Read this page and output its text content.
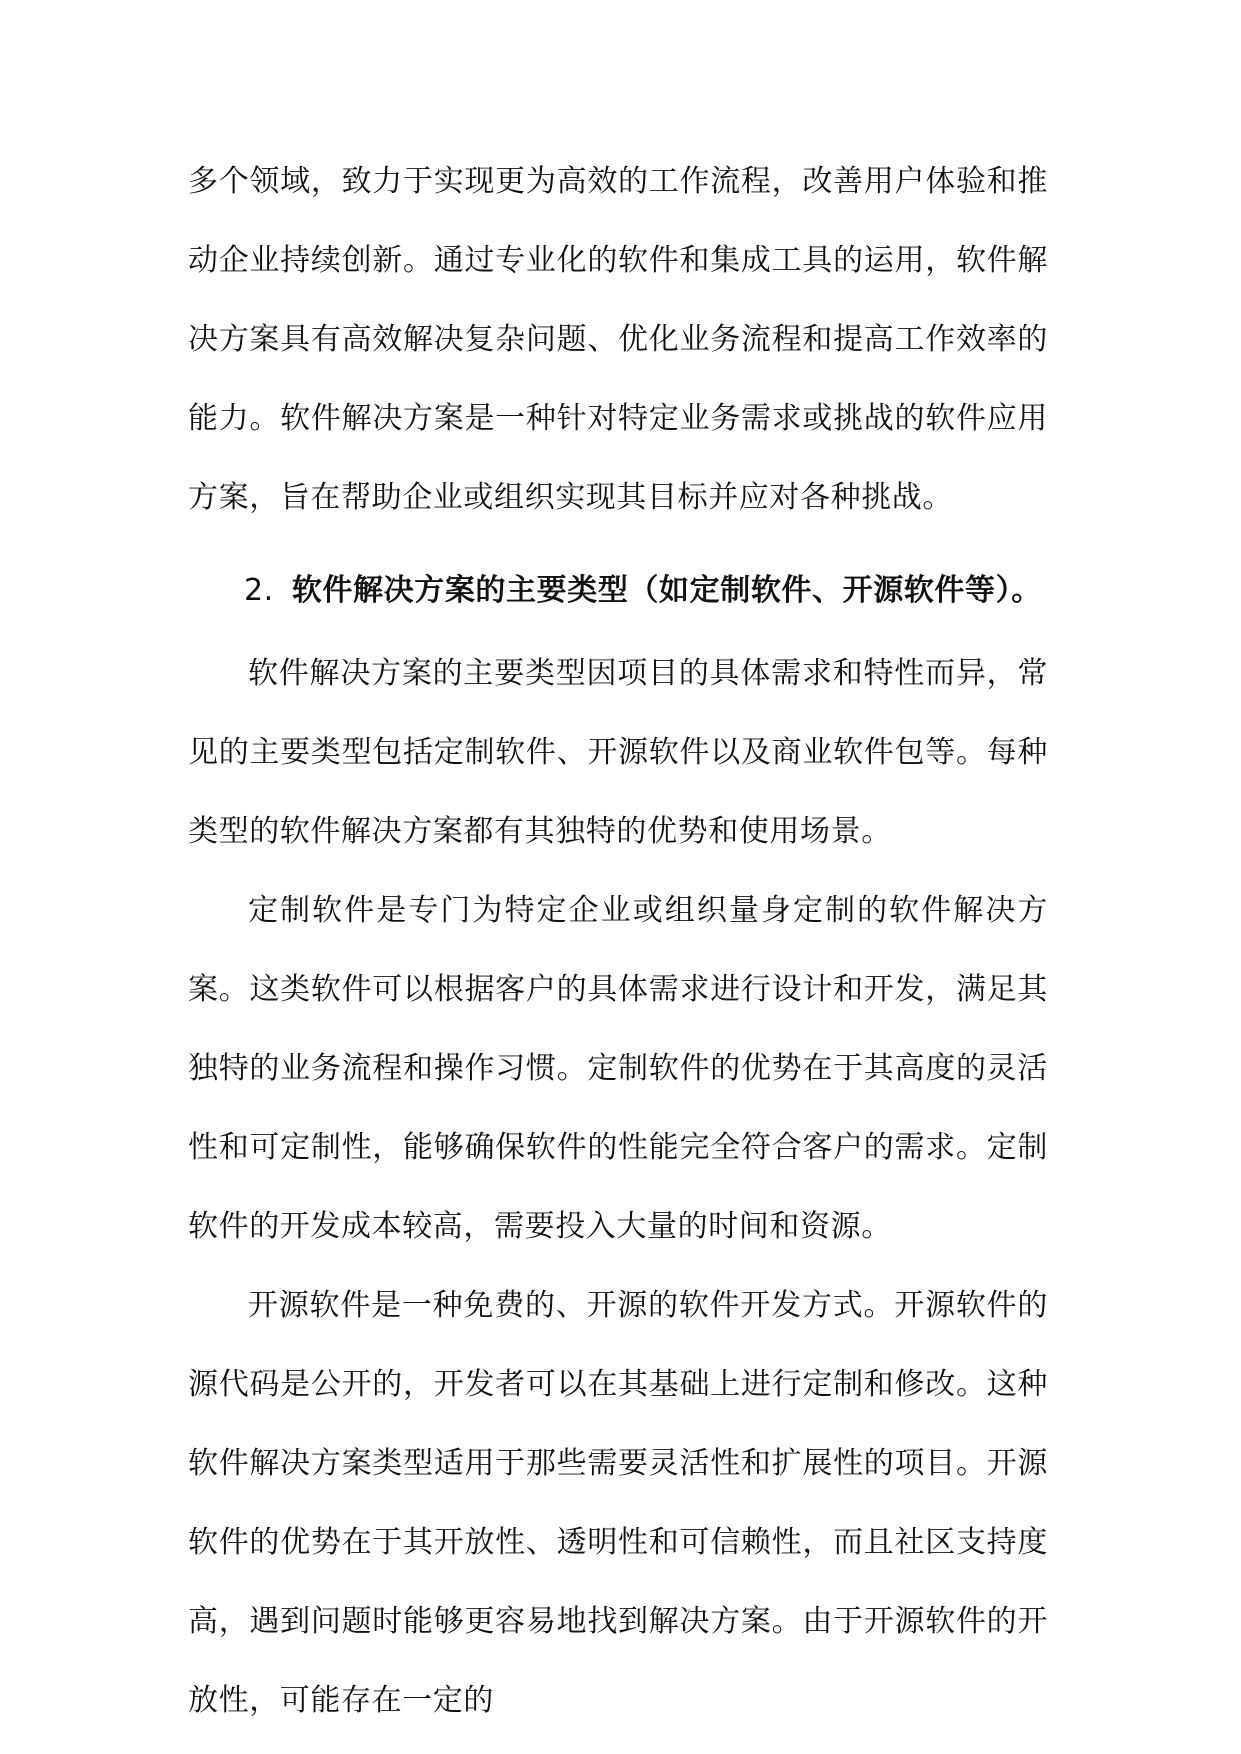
多个领域，致力于实现更为高效的工作流程，改善用户体验和推动企业持续创新。通过专业化的软件和集成工具的运用，软件解决方案具有高效解决复杂问题、优化业务流程和提高工作效率的能力。软件解决方案是一种针对特定业务需求或挑战的软件应用方案，旨在帮助企业或组织实现其目标并应对各种挑战。

2. 软件解决方案的主要类型（如定制软件、开源软件等）。

软件解决方案的主要类型因项目的具体需求和特性而异，常见的主要类型包括定制软件、开源软件以及商业软件包等。每种类型的软件解决方案都有其独特的优势和使用场景。

定制软件是专门为特定企业或组织量身定制的软件解决方案。这类软件可以根据客户的具体需求进行设计和开发，满足其独特的业务流程和操作习惯。定制软件的优势在于其高度的灵活性和可定制性，能够确保软件的性能完全符合客户的需求。定制软件的开发成本较高，需要投入大量的时间和资源。

开源软件是一种免费的、开源的软件开发方式。开源软件的源代码是公开的，开发者可以在其基础上进行定制和修改。这种软件解决方案类型适用于那些需要灵活性和扩展性的项目。开源软件的优势在于其开放性、透明性和可信赖性，而且社区支持度高，遇到问题时能够更容易地找到解决方案。由于开源软件的开放性，可能存在一定的
